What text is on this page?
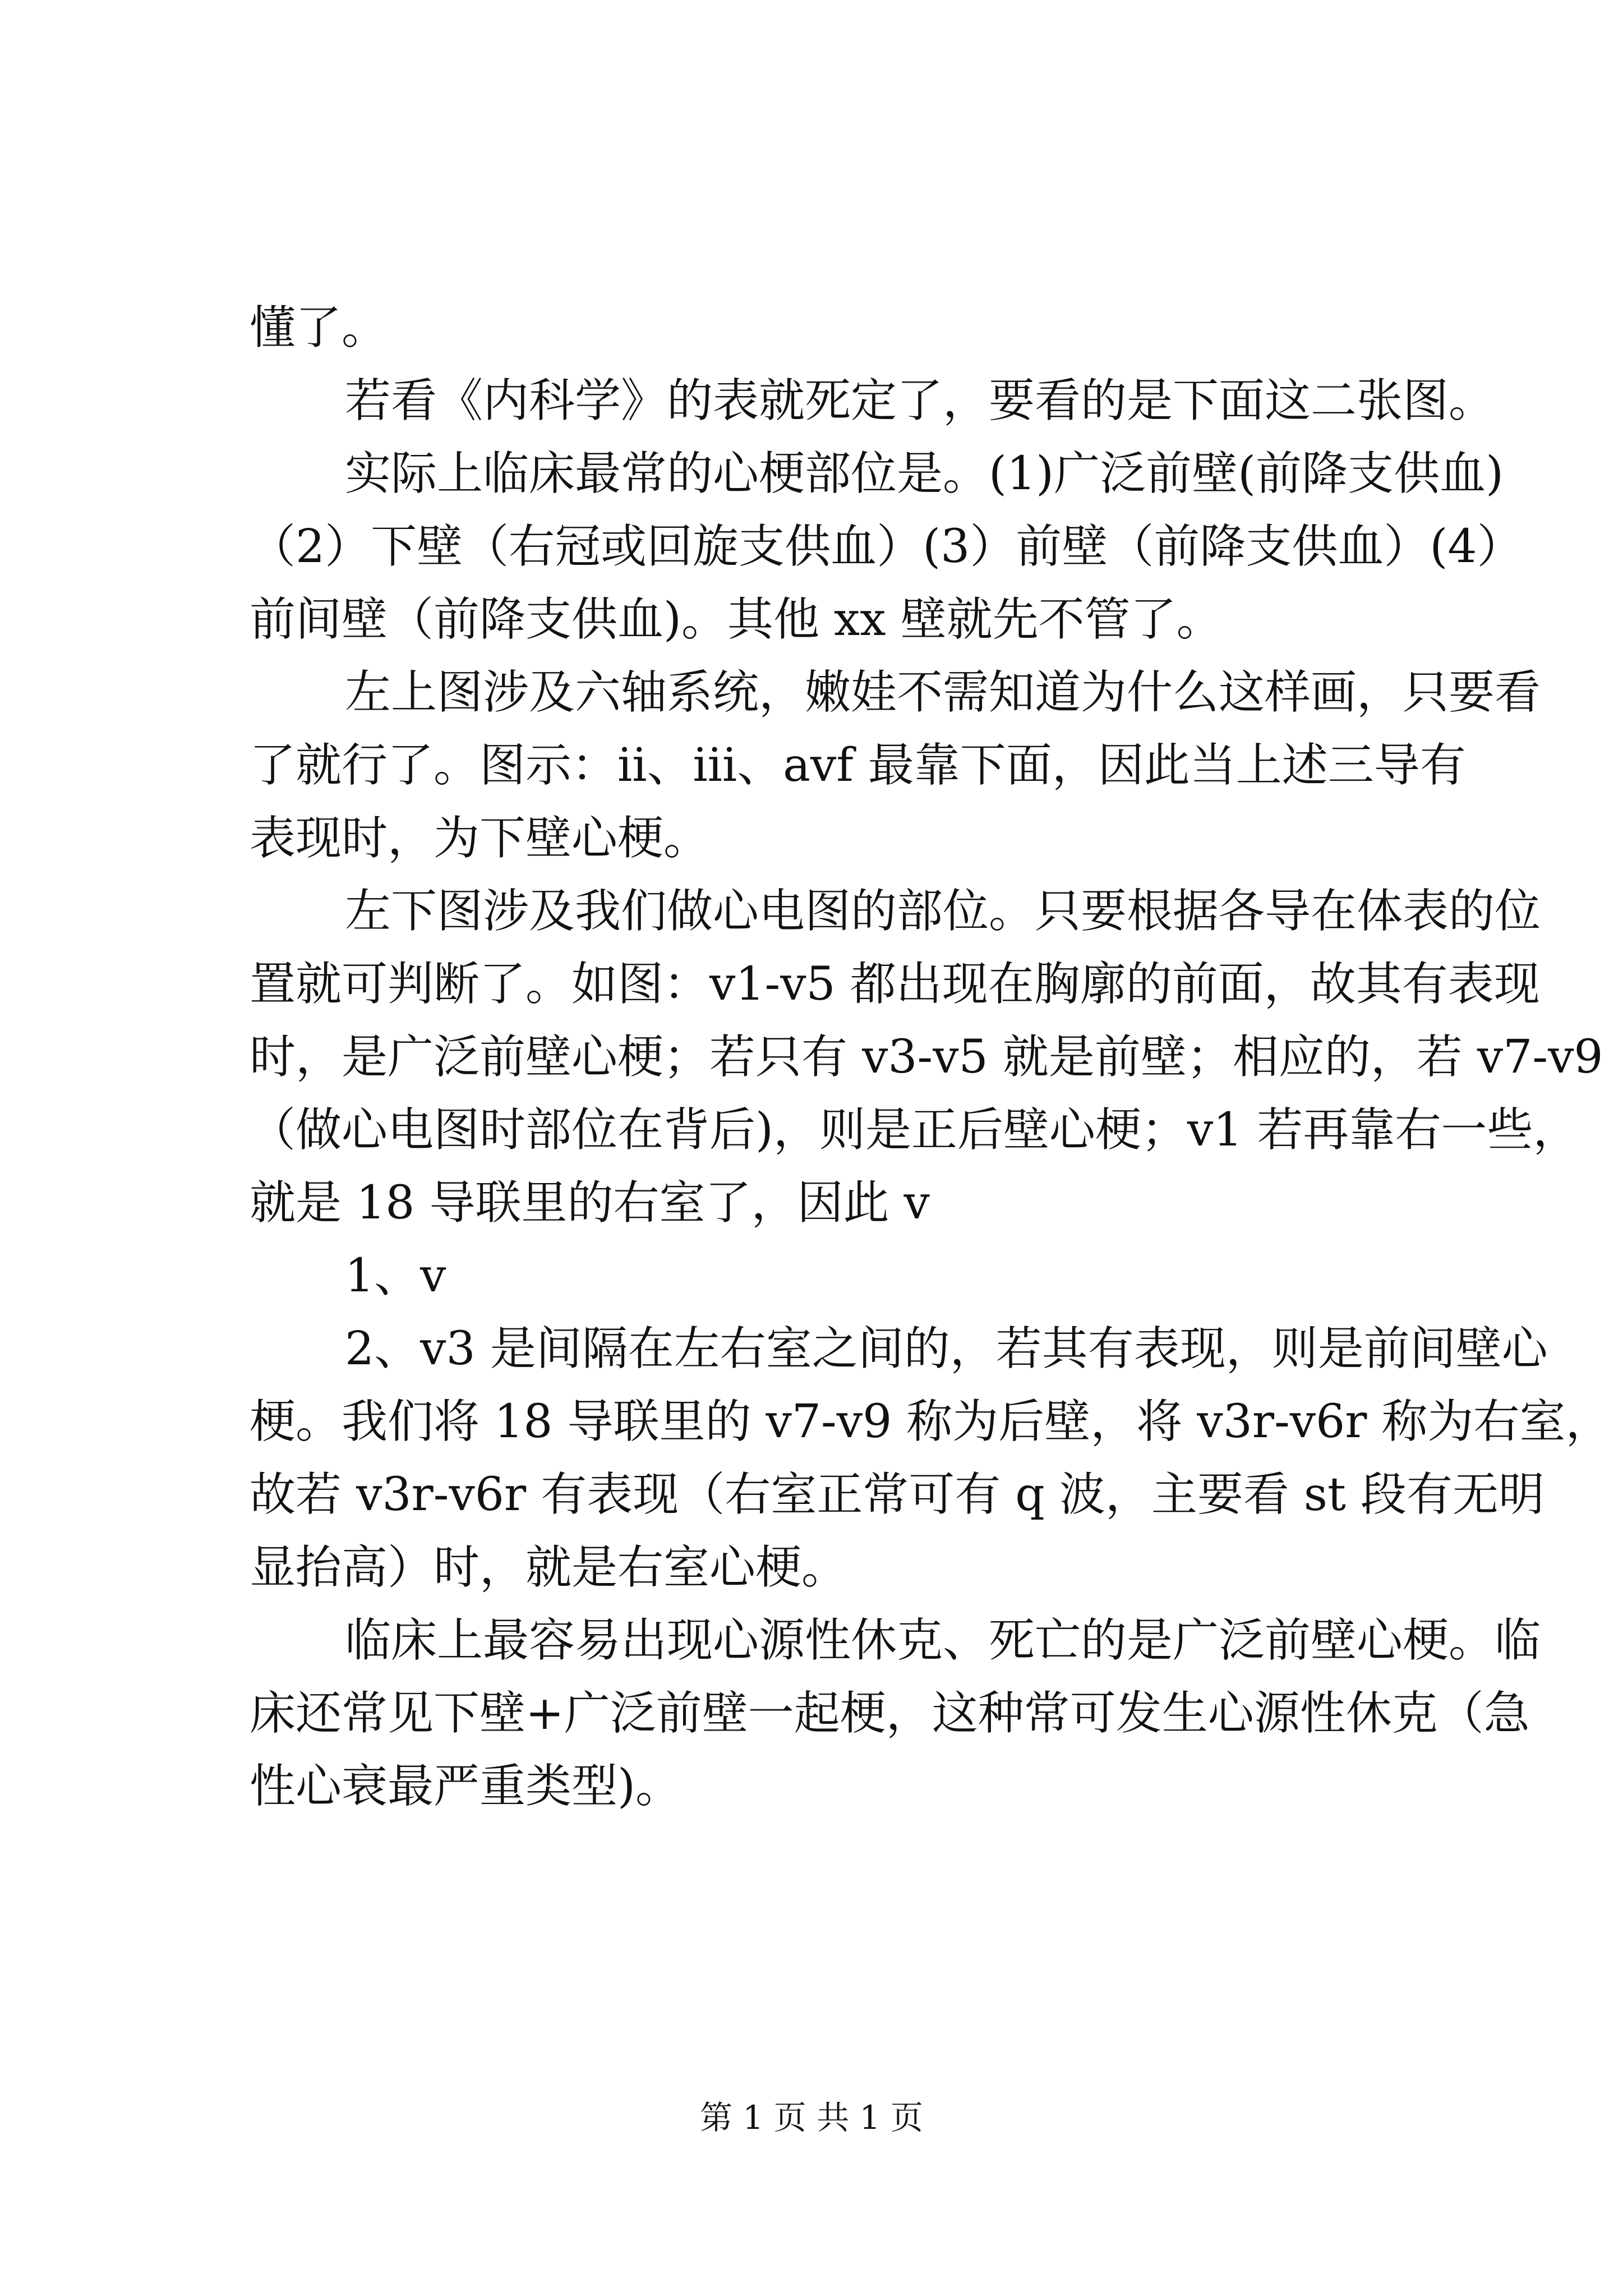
懂了。
若看《内科学》的表就死定了，要看的是下面这二张图。
实际上临床最常的心梗部位是。(1)广泛前壁(前降支供血)
（2）下壁（右冠或回旋支供血）(3）前壁（前降支供血）(4）
前间壁（前降支供血)。其他 xx 壁就先不管了。
左上图涉及六轴系统，嫩娃不需知道为什么这样画，只要看
了就行了。图示：ii、iii、avf 最靠下面，因此当上述三导有
表现时，为下壁心梗。
左下图涉及我们做心电图的部位。只要根据各导在体表的位
置就可判断了。如图：v1-v5 都出现在胸廓的前面，故其有表现
时，是广泛前壁心梗；若只有 v3-v5 就是前壁；相应的，若 v7-v9
（做心电图时部位在背后)，则是正后壁心梗；v1 若再靠右一些，
就是 18 导联里的右室了，因此 v
1、v
2、v3 是间隔在左右室之间的，若其有表现，则是前间壁心
梗。我们将 18 导联里的 v7-v9 称为后壁，将 v3r-v6r 称为右室，
故若 v3r-v6r 有表现（右室正常可有 q 波，主要看 st 段有无明
显抬高）时，就是右室心梗。
临床上最容易出现心源性休克、死亡的是广泛前壁心梗。临
床还常见下壁+广泛前壁一起梗，这种常可发生心源性休克（急
性心衰最严重类型)。
第 1 页 共 1 页
